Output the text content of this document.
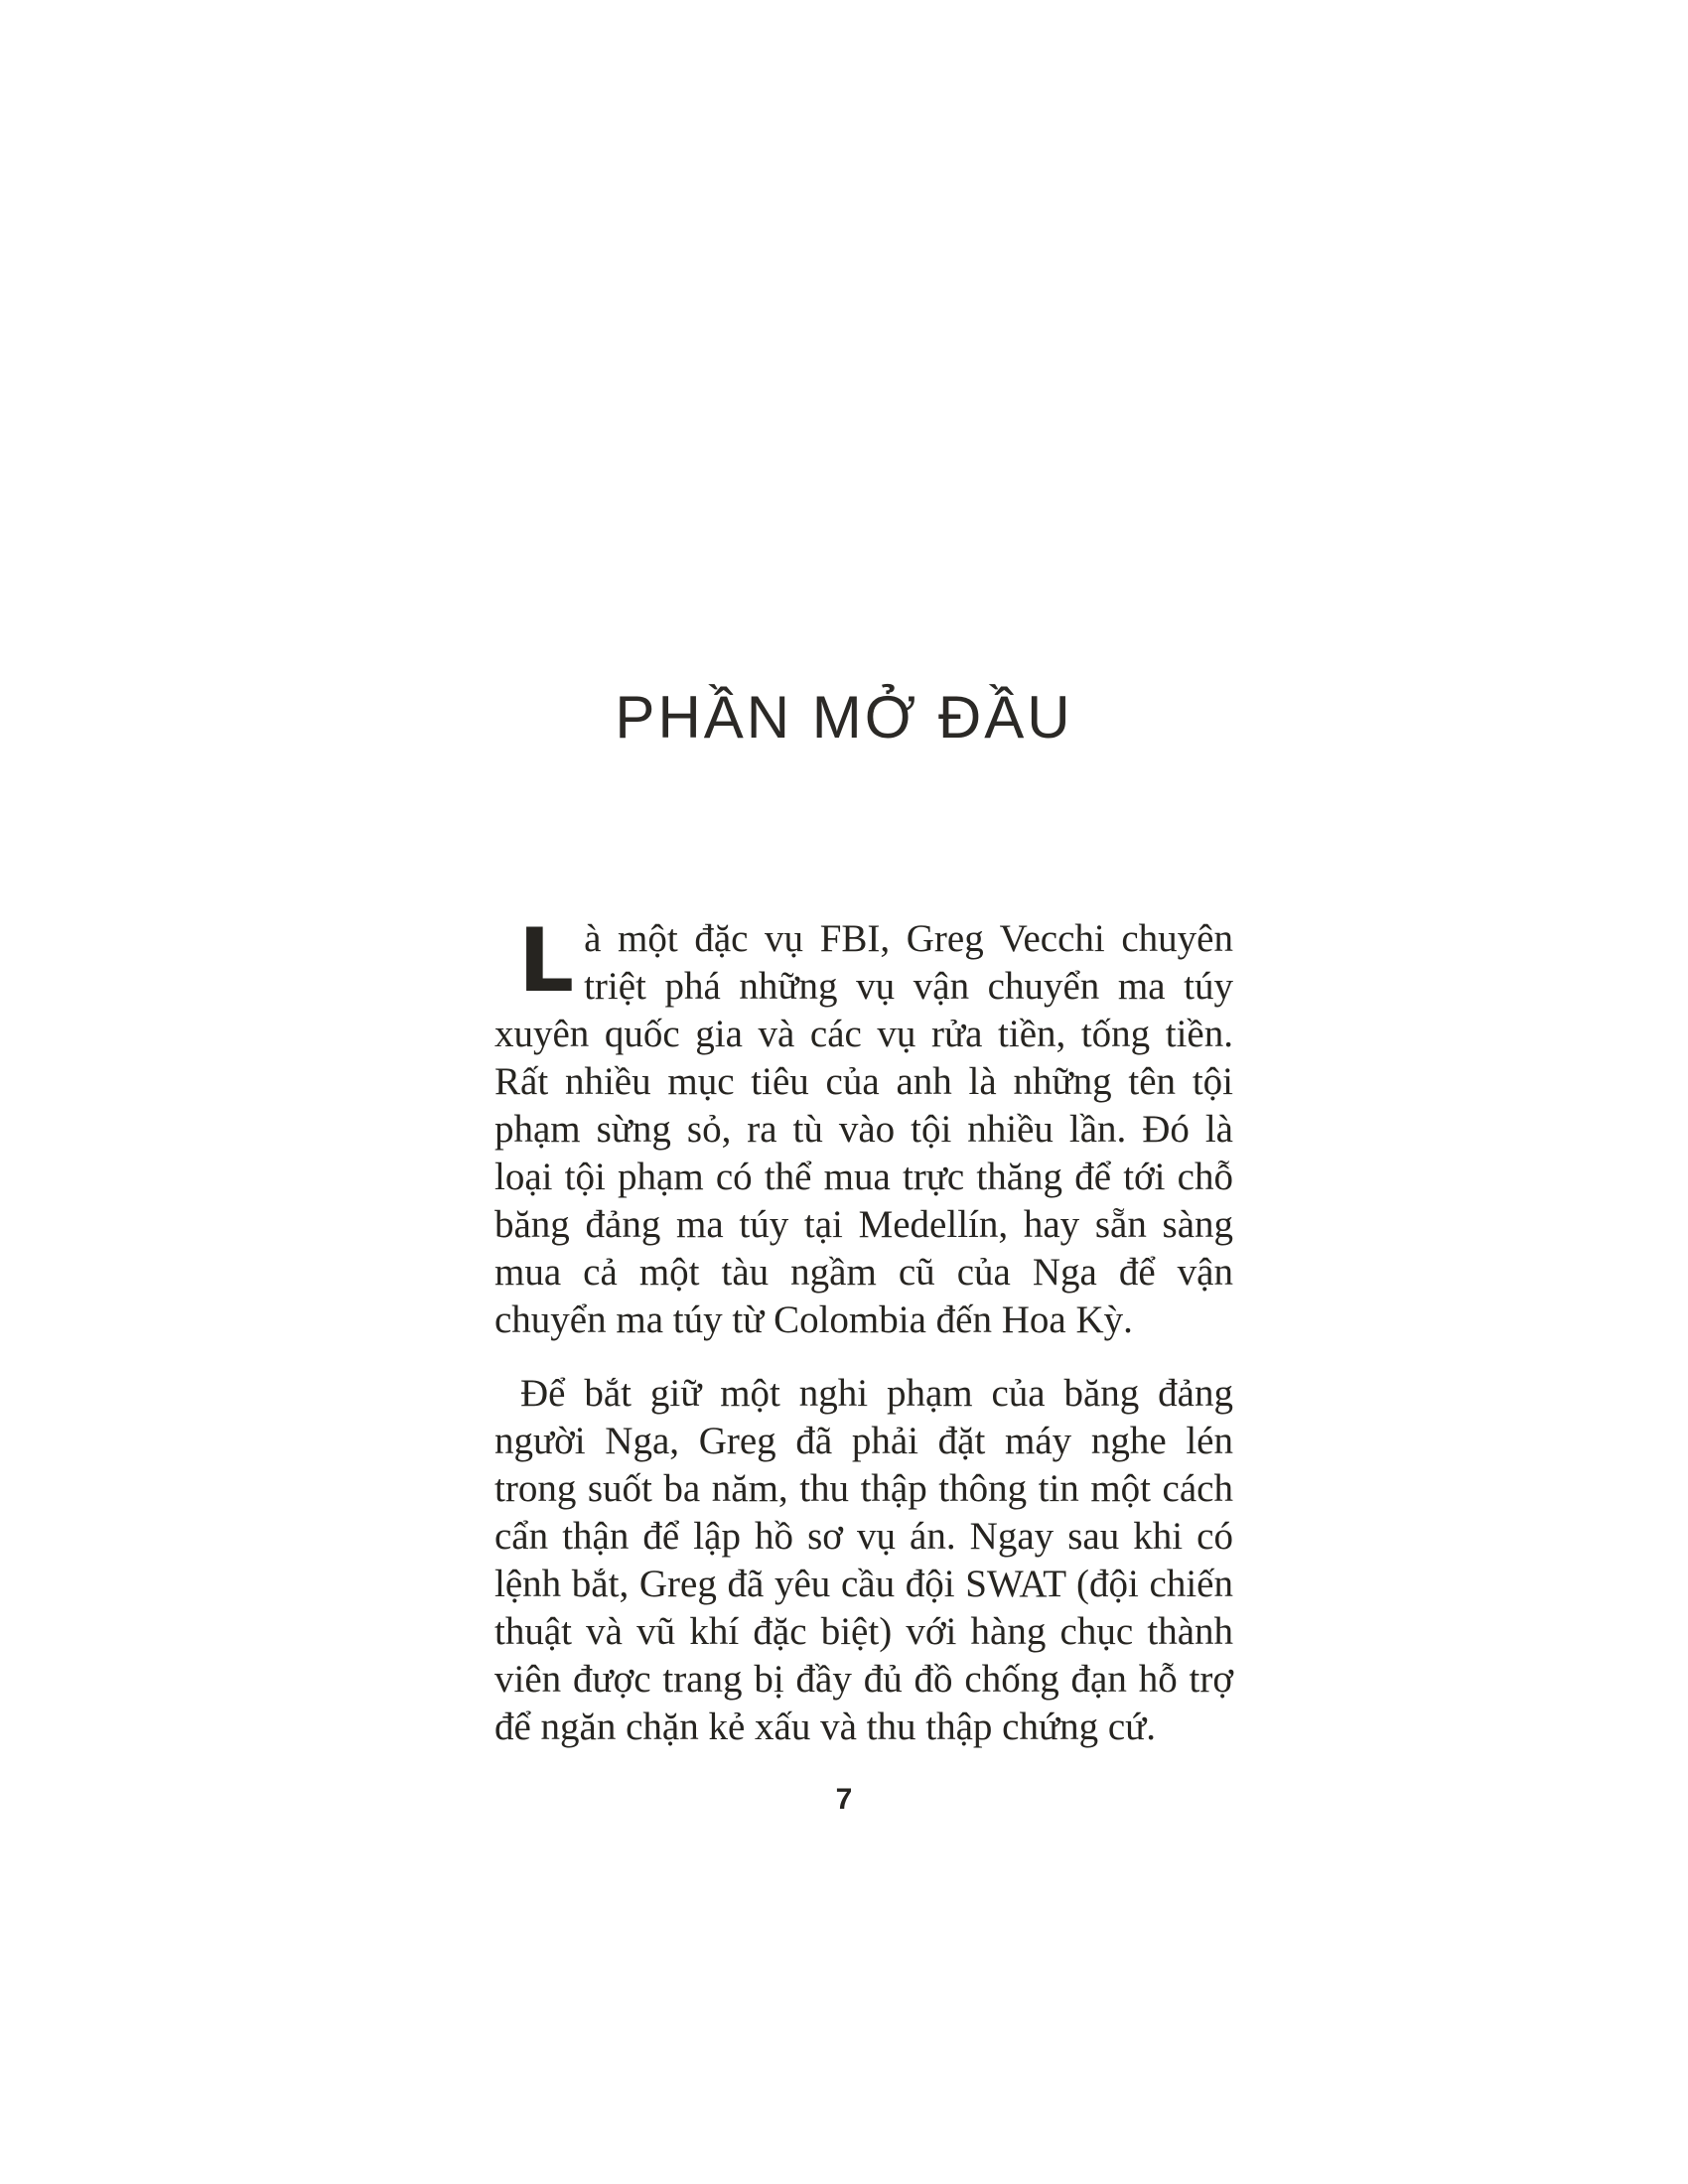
PHẦN MỞ ĐẦU

Là một đặc vụ FBI, Greg Vecchi chuyên triệt phá những vụ vận chuyển ma túy xuyên quốc gia và các vụ rửa tiền, tống tiền. Rất nhiều mục tiêu của anh là những tên tội phạm sừng sỏ, ra tù vào tội nhiều lần. Đó là loại tội phạm có thể mua trực thăng để tới chỗ băng đảng ma túy tại Medellín, hay sẵn sàng mua cả một tàu ngầm cũ của Nga để vận chuyển ma túy từ Colombia đến Hoa Kỳ.

Để bắt giữ một nghi phạm của băng đảng người Nga, Greg đã phải đặt máy nghe lén trong suốt ba năm, thu thập thông tin một cách cẩn thận để lập hồ sơ vụ án. Ngay sau khi có lệnh bắt, Greg đã yêu cầu đội SWAT (đội chiến thuật và vũ khí đặc biệt) với hàng chục thành viên được trang bị đầy đủ đồ chống đạn hỗ trợ để ngăn chặn kẻ xấu và thu thập chứng cứ.

7
